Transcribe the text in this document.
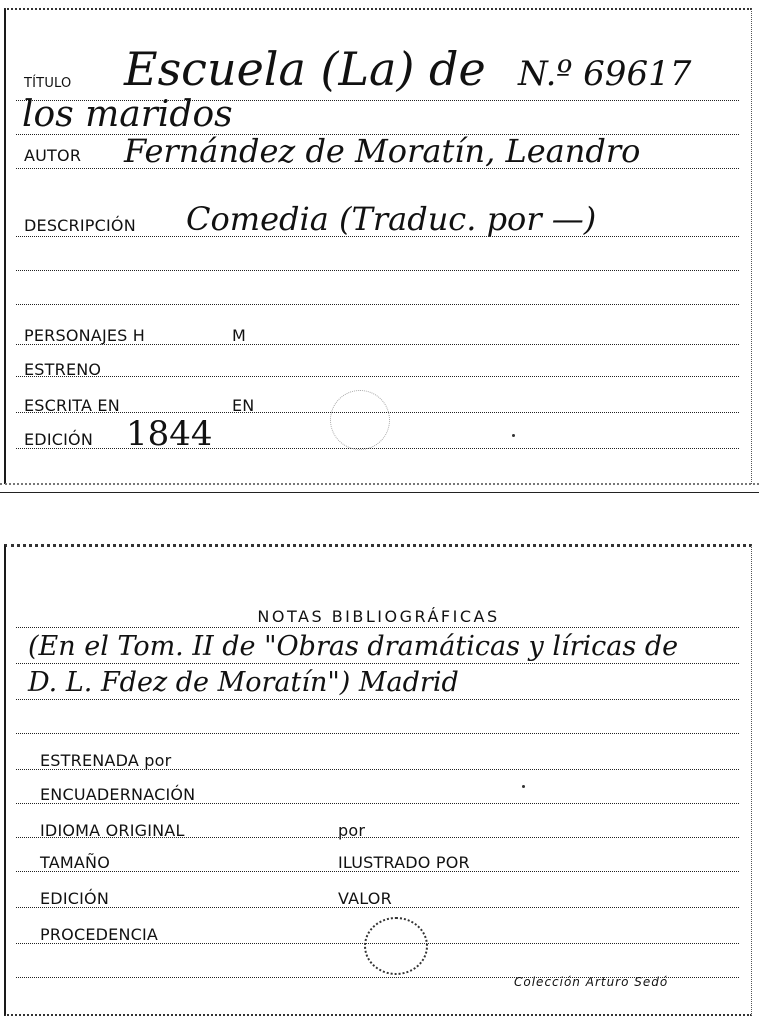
TÍTULO Escuela (La) de N.º 69617
los maridos
AUTOR Fernández de Moratín, Leandro
DESCRIPCIÓN Comedia (Traduc. por —)
PERSONAJES H	M
ESTRENO
ESCRITA EN	EN
EDICIÓN 1844
NOTAS BIBLIOGRÁFICAS
(En el Tom. II de "Obras dramáticas y líricas de
D. L. Fdez de Moratín") Madrid
ESTRENADA por
ENCUADERNACIÓN
IDIOMA ORIGINAL	por
TAMAÑO	ILUSTRADO POR
EDICIÓN	VALOR
PROCEDENCIA
Colección Arturo Sedó
